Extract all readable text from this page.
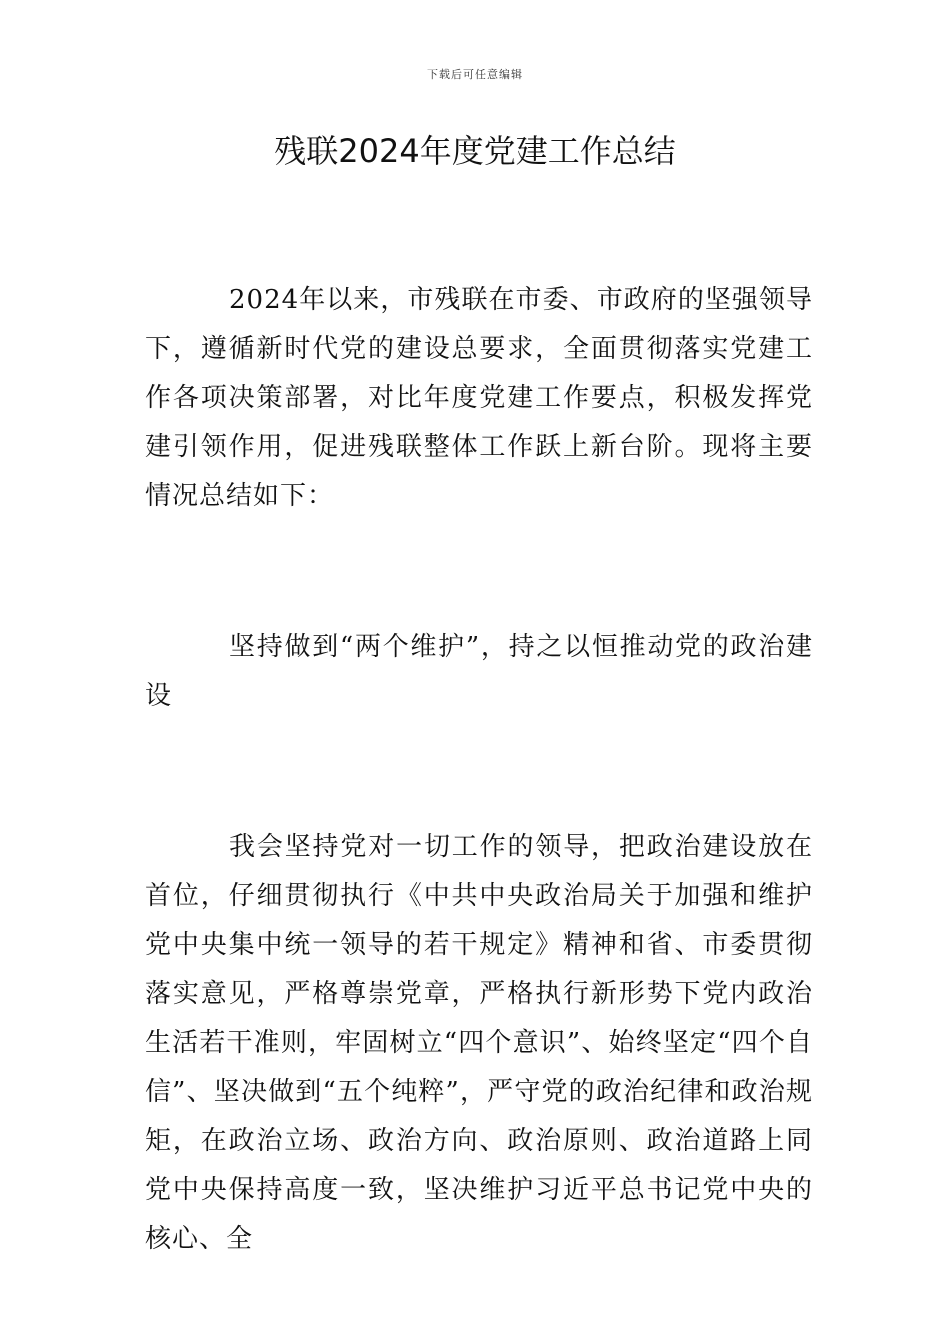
下载后可任意编辑
残联2024年度党建工作总结

2024年以来，市残联在市委、市政府的坚强领导下，遵循新时代党的建设总要求，全面贯彻落实党建工作各项决策部署，对比年度党建工作要点，积极发挥党建引领作用，促进残联整体工作跃上新台阶。现将主要情况总结如下：

坚持做到“两个维护”，持之以恒推动党的政治建设

我会坚持党对一切工作的领导，把政治建设放在首位，仔细贯彻执行《中共中央政治局关于加强和维护党中央集中统一领导的若干规定》精神和省、市委贯彻落实意见，严格尊崇党章，严格执行新形势下党内政治生活若干准则，牢固树立“四个意识”、始终坚定“四个自信”、坚决做到“五个纯粹”，严守党的政治纪律和政治规矩，在政治立场、政治方向、政治原则、政治道路上同党中央保持高度一致，坚决维护习近平总书记党中央的核心、全
